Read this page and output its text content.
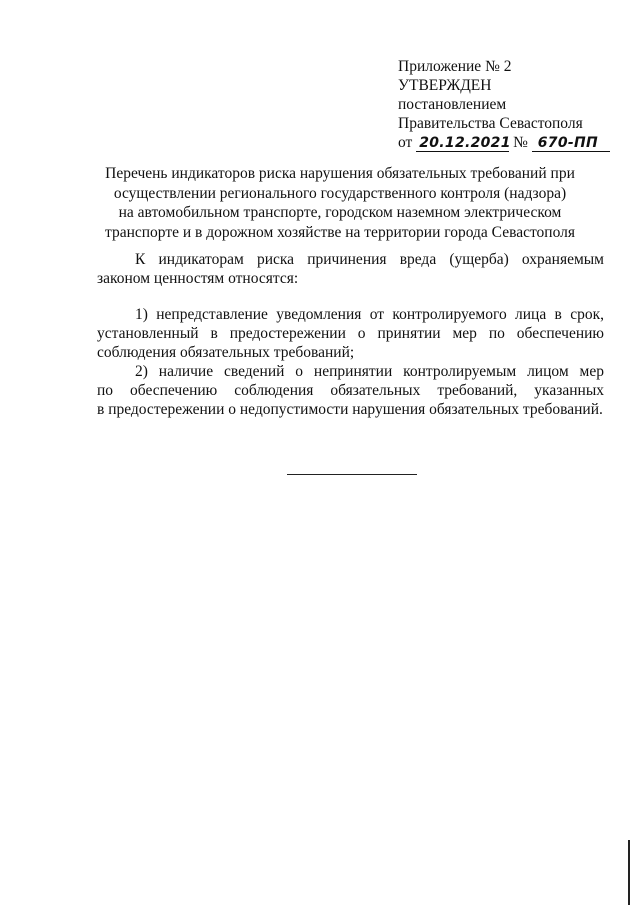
Приложение № 2
УТВЕРЖДЕН
постановлением
Правительства Севастополя
от 20.12.2021 № 670-ПП
Перечень индикаторов риска нарушения обязательных требований при
осуществлении регионального государственного контроля (надзора)
на автомобильном транспорте, городском наземном электрическом
транспорте и в дорожном хозяйстве на территории города Севастополя

К индикаторам риска причинения вреда (ущерба) охраняемым законом ценностям относятся:

1) непредставление уведомления от контролируемого лица в срок, установленный в предостережении о принятии мер по обеспечению соблюдения обязательных требований;

2) наличие сведений о непринятии контролируемым лицом мер

по обеспечению соблюдения обязательных требований, указанных

в предостережении о недопустимости нарушения обязательных требований.
